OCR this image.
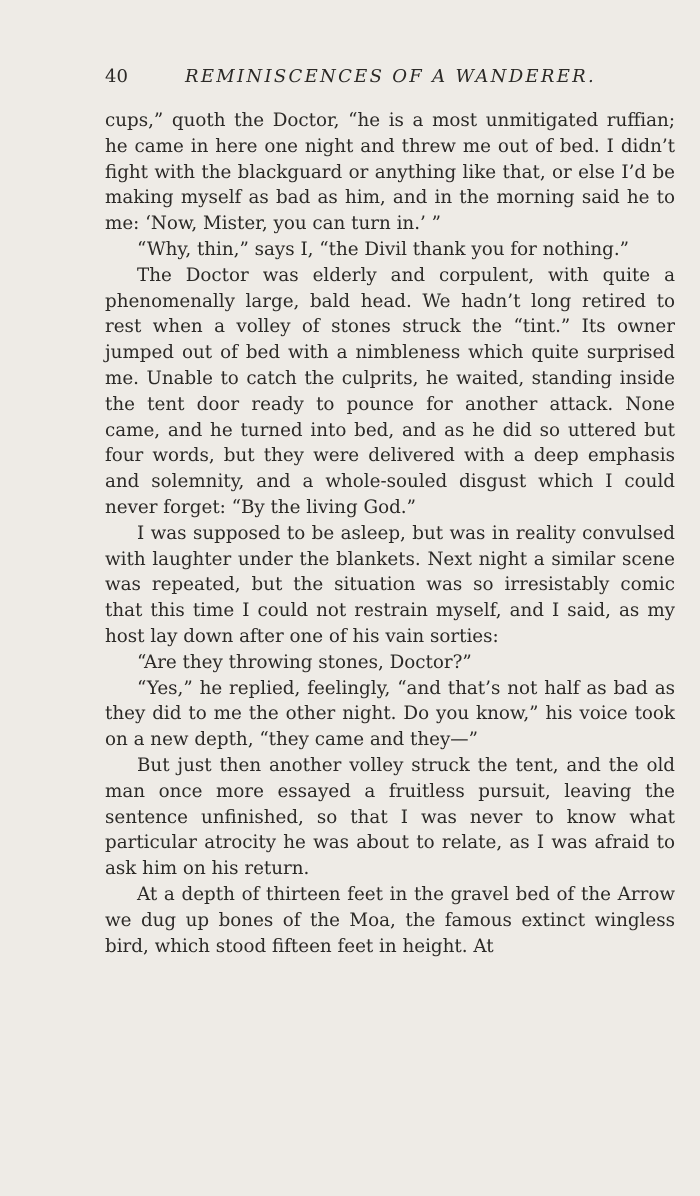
40	REMINISCENCES OF A WANDERER.

cups,” quoth the Doctor, “he is a most unmitigated ruffian; he came in here one night and threw me out of bed. I didn’t fight with the blackguard or anything like that, or else I’d be making myself as bad as him, and in the morning said he to me: ‘Now, Mister, you can turn in.’ ”

“Why, thin,” says I, “the Divil thank you for nothing.”

The Doctor was elderly and corpulent, with quite a phenomenally large, bald head. We hadn’t long retired to rest when a volley of stones struck the “tint.” Its owner jumped out of bed with a nimbleness which quite surprised me. Unable to catch the culprits, he waited, standing inside the tent door ready to pounce for another attack. None came, and he turned into bed, and as he did so uttered but four words, but they were delivered with a deep emphasis and solemnity, and a whole-souled disgust which I could never forget: “By the living God.”

I was supposed to be asleep, but was in reality convulsed with laughter under the blankets. Next night a similar scene was repeated, but the situation was so irresistably comic that this time I could not restrain myself, and I said, as my host lay down after one of his vain sorties:

“Are they throwing stones, Doctor?”

“Yes,” he replied, feelingly, “and that’s not half as bad as they did to me the other night. Do you know,” his voice took on a new depth, “they came and they—”

But just then another volley struck the tent, and the old man once more essayed a fruitless pursuit, leaving the sentence unfinished, so that I was never to know what particular atrocity he was about to relate, as I was afraid to ask him on his return.

At a depth of thirteen feet in the gravel bed of the Arrow we dug up bones of the Moa, the famous extinct wingless bird, which stood fifteen feet in height. At
